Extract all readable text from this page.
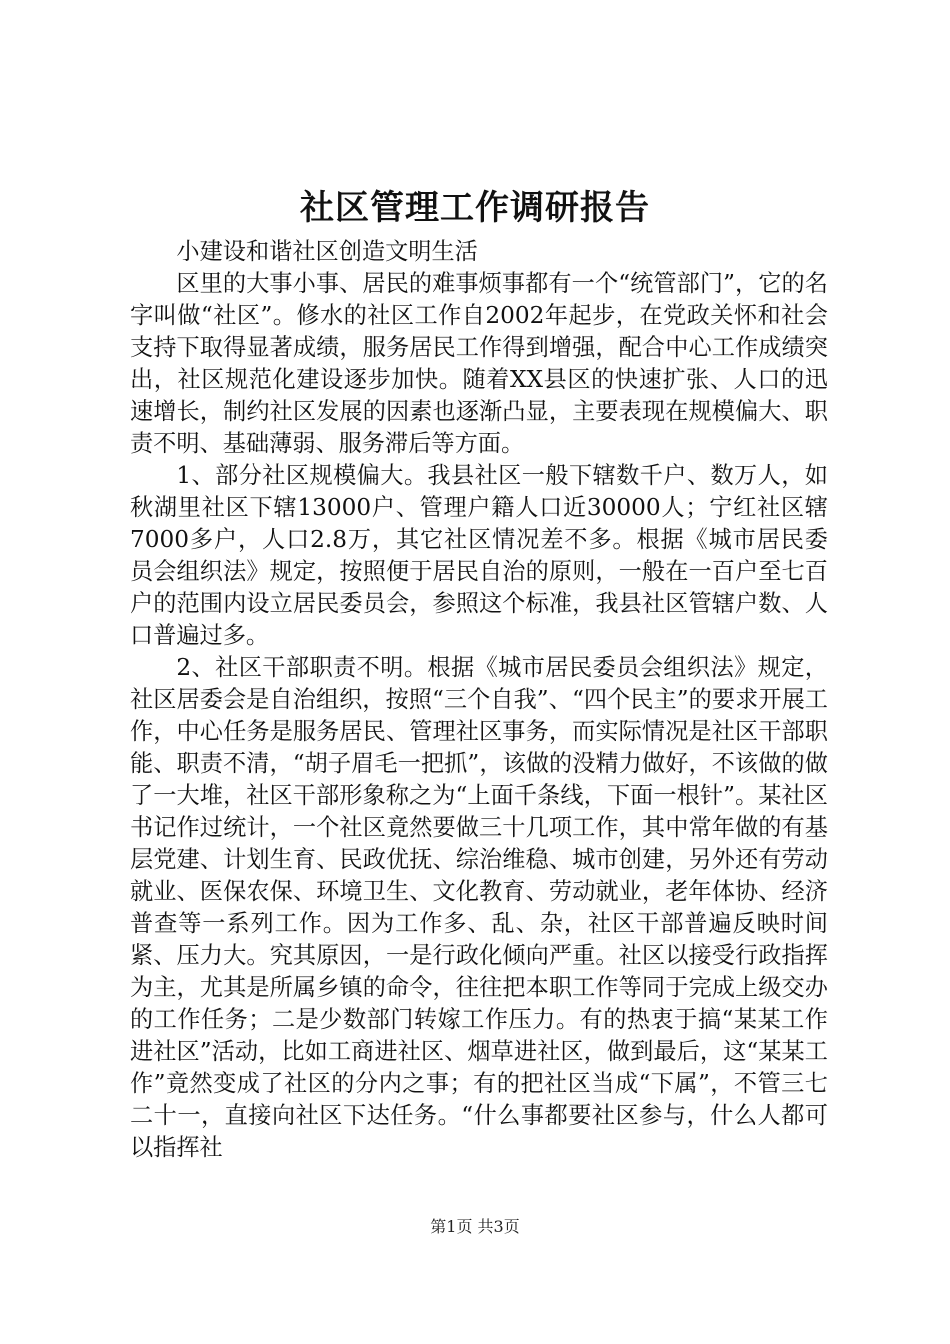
社区管理工作调研报告

小建设和谐社区创造文明生活

区里的大事小事、居民的难事烦事都有一个“统管部门”，它的名字叫做“社区”。修水的社区工作自2002年起步，在党政关怀和社会支持下取得显著成绩，服务居民工作得到增强，配合中心工作成绩突出，社区规范化建设逐步加快。随着XX县区的快速扩张、人口的迅速增长，制约社区发展的因素也逐渐凸显，主要表现在规模偏大、职责不明、基础薄弱、服务滞后等方面。

1、部分社区规模偏大。我县社区一般下辖数千户、数万人，如秋湖里社区下辖13000户、管理户籍人口近30000人；宁红社区辖7000多户，人口2.8万，其它社区情况差不多。根据《城市居民委员会组织法》规定，按照便于居民自治的原则，一般在一百户至七百户的范围内设立居民委员会，参照这个标准，我县社区管辖户数、人口普遍过多。

2、社区干部职责不明。根据《城市居民委员会组织法》规定，社区居委会是自治组织，按照“三个自我”、“四个民主”的要求开展工作，中心任务是服务居民、管理社区事务，而实际情况是社区干部职能、职责不清，“胡子眉毛一把抓”，该做的没精力做好，不该做的做了一大堆，社区干部形象称之为“上面千条线，下面一根针”。某社区书记作过统计，一个社区竟然要做三十几项工作，其中常年做的有基层党建、计划生育、民政优抚、综治维稳、城市创建，另外还有劳动就业、医保农保、环境卫生、文化教育、劳动就业，老年体协、经济普查等一系列工作。因为工作多、乱、杂，社区干部普遍反映时间紧、压力大。究其原因，一是行政化倾向严重。社区以接受行政指挥为主，尤其是所属乡镇的命令，往往把本职工作等同于完成上级交办的工作任务；二是少数部门转嫁工作压力。有的热衷于搞“某某工作进社区”活动，比如工商进社区、烟草进社区，做到最后，这“某某工作”竟然变成了社区的分内之事；有的把社区当成“下属”，不管三七二十一，直接向社区下达任务。“什么事都要社区参与，什么人都可以指挥社

第1页 共3页
